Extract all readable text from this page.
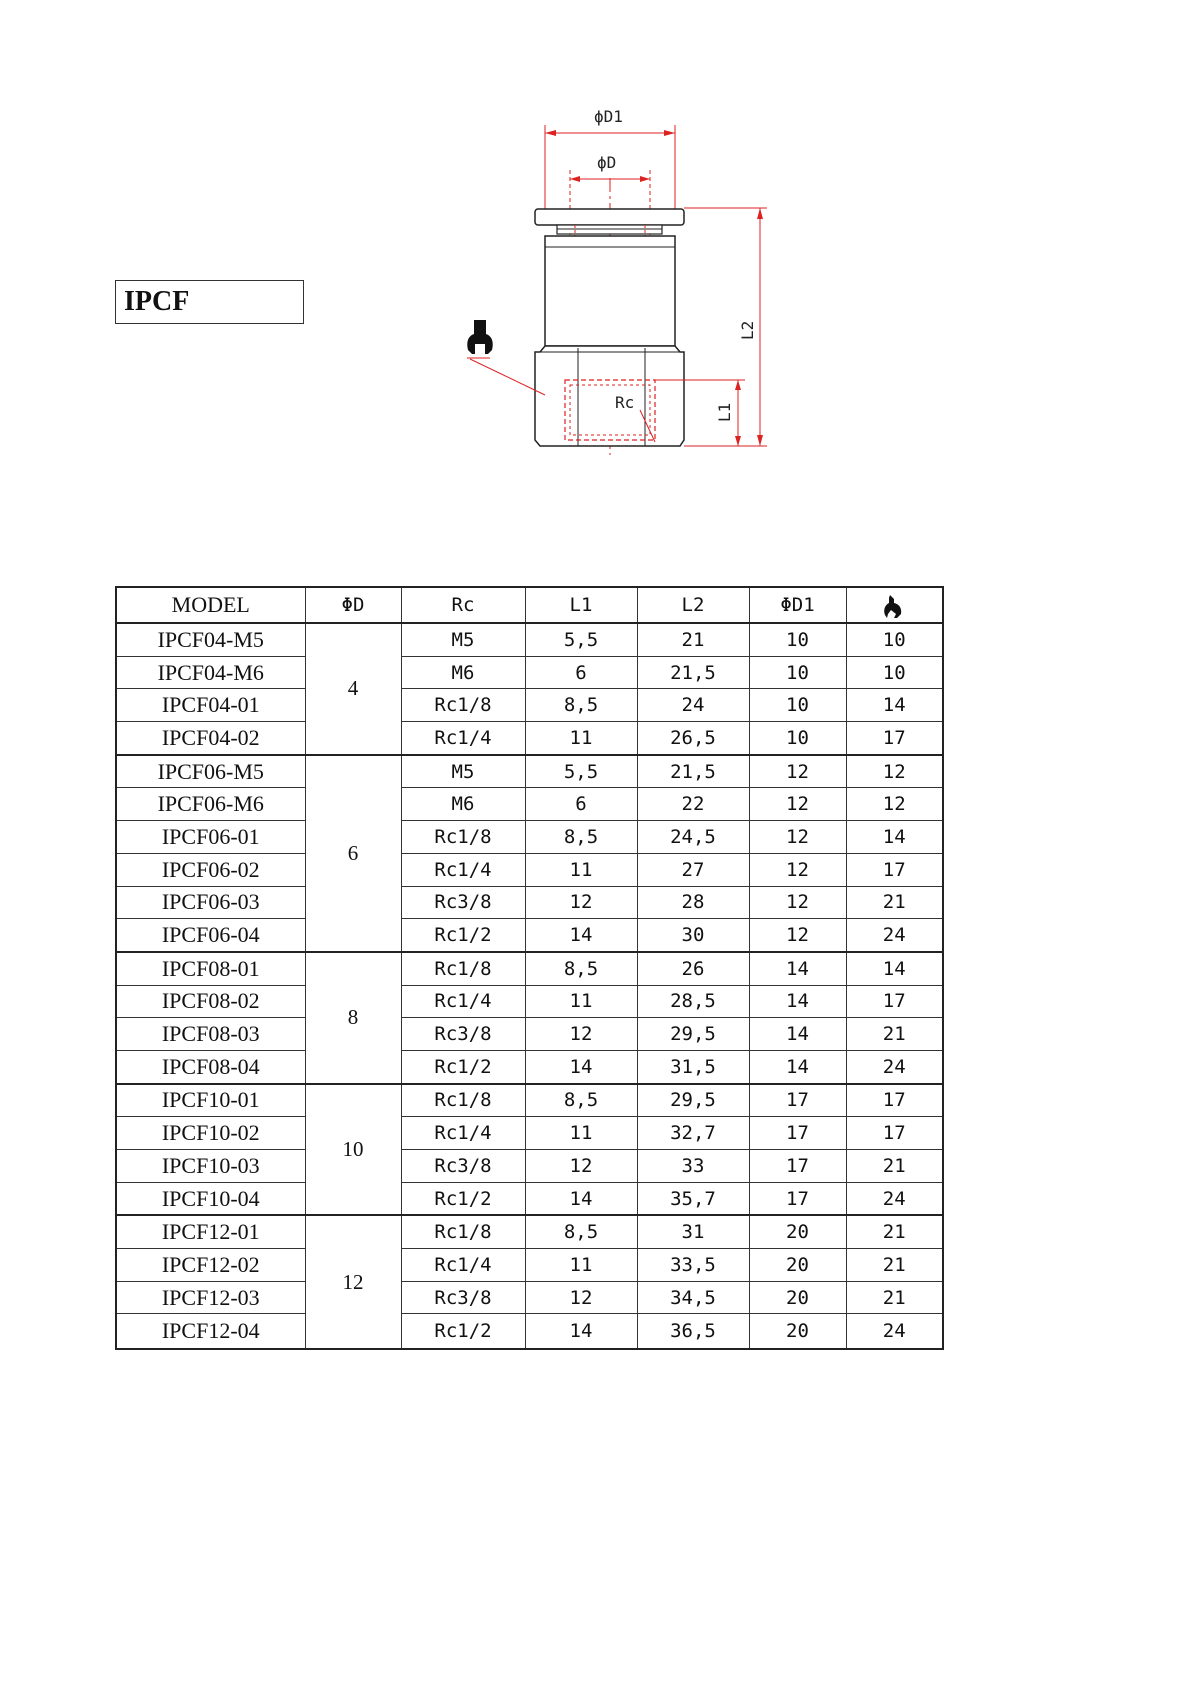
IPCF
ϕD1
ϕD
Rc
L2
L1
MODEL	ΦD	Rc	L1	L2	ΦD1	
IPCF04-M5	4	M5	5,5	21	10	10
IPCF04-M6		M6	6	21,5	10	10
IPCF04-01		Rc1/8	8,5	24	10	14
IPCF04-02		Rc1/4	11	26,5	10	17
IPCF06-M5	6	M5	5,5	21,5	12	12
IPCF06-M6		M6	6	22	12	12
IPCF06-01		Rc1/8	8,5	24,5	12	14
IPCF06-02		Rc1/4	11	27	12	17
IPCF06-03		Rc3/8	12	28	12	21
IPCF06-04		Rc1/2	14	30	12	24
IPCF08-01	8	Rc1/8	8,5	26	14	14
IPCF08-02		Rc1/4	11	28,5	14	17
IPCF08-03		Rc3/8	12	29,5	14	21
IPCF08-04		Rc1/2	14	31,5	14	24
IPCF10-01	10	Rc1/8	8,5	29,5	17	17
IPCF10-02		Rc1/4	11	32,7	17	17
IPCF10-03		Rc3/8	12	33	17	21
IPCF10-04		Rc1/2	14	35,7	17	24
IPCF12-01	12	Rc1/8	8,5	31	20	21
IPCF12-02		Rc1/4	11	33,5	20	21
IPCF12-03		Rc3/8	12	34,5	20	21
IPCF12-04		Rc1/2	14	36,5	20	24
